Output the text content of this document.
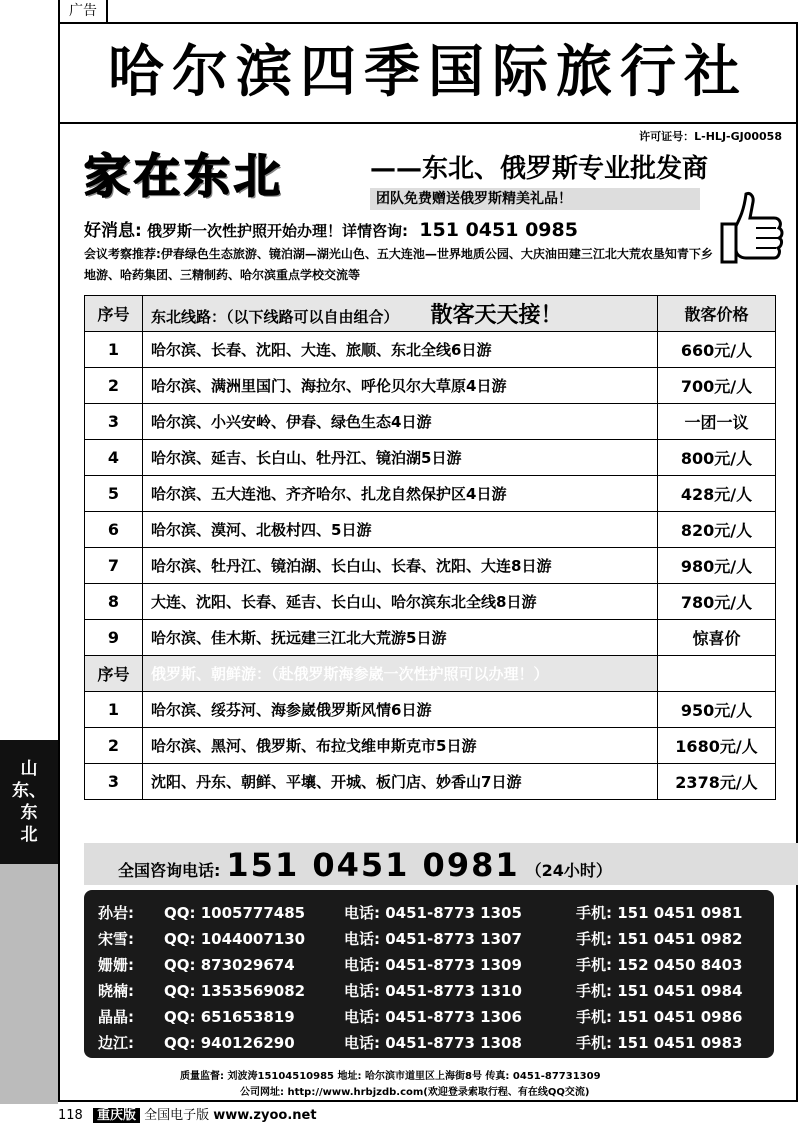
广告
哈尔滨四季国际旅行社
许可证号：L-HLJ-GJ00058
家在东北	——东北、俄罗斯专业批发商
团队免费赠送俄罗斯精美礼品！
好消息: 俄罗斯一次性护照开始办理！详情咨询: 151 0451 0985
会议考察推荐:伊春绿色生态旅游、镜泊湖—湖光山色、五大连池—世界地质公园、大庆油田建三江北大荒农垦知青下乡地游、哈药集团、三精制药、哈尔滨重点学校交流等
序号	东北线路：（以下线路可以自由组合） 散客天天接！	散客价格
1	哈尔滨、长春、沈阳、大连、旅顺、东北全线6日游	660元/人
2	哈尔滨、满洲里国门、海拉尔、呼伦贝尔大草原4日游	700元/人
3	哈尔滨、小兴安岭、伊春、绿色生态4日游	一团一议
4	哈尔滨、延吉、长白山、牡丹江、镜泊湖5日游	800元/人
5	哈尔滨、五大连池、齐齐哈尔、扎龙自然保护区4日游	428元/人
6	哈尔滨、漠河、北极村四、5日游	820元/人
7	哈尔滨、牡丹江、镜泊湖、长白山、长春、沈阳、大连8日游	980元/人
8	大连、沈阳、长春、延吉、长白山、哈尔滨东北全线8日游	780元/人
9	哈尔滨、佳木斯、抚远建三江北大荒游5日游	惊喜价
序号	俄罗斯、朝鲜游：（赴俄罗斯海参崴一次性护照可以办理！）	
1	哈尔滨、绥芬河、海参崴俄罗斯风情6日游	950元/人
2	哈尔滨、黑河、俄罗斯、布拉戈维申斯克市5日游	1680元/人
3	沈阳、丹东、朝鲜、平壤、开城、板门店、妙香山7日游	2378元/人
全国咨询电话: 151 0451 0981 （24小时）
孙岩: QQ: 1005777485	电话: 0451-8773 1305	手机: 151 0451 0981
宋雪: QQ: 1044007130	电话: 0451-8773 1307	手机: 151 0451 0982
姗姗: QQ: 873029674	电话: 0451-8773 1309	手机: 152 0450 8403
晓楠: QQ: 1353569082	电话: 0451-8773 1310	手机: 151 0451 0984
晶晶: QQ: 651653819	电话: 0451-8773 1306	手机: 151 0451 0986
边江: QQ: 940126290	电话: 0451-8773 1308	手机: 151 0451 0983
质量监督: 刘波涛15104510985 地址: 哈尔滨市道里区上海街8号 传真: 0451-87731309
公司网址: http://www.hrbjzdb.com(欢迎登录索取行程、有在线QQ交流)
山
东、
东
北
118 重庆版 全国电子版 www.zyoo.net
